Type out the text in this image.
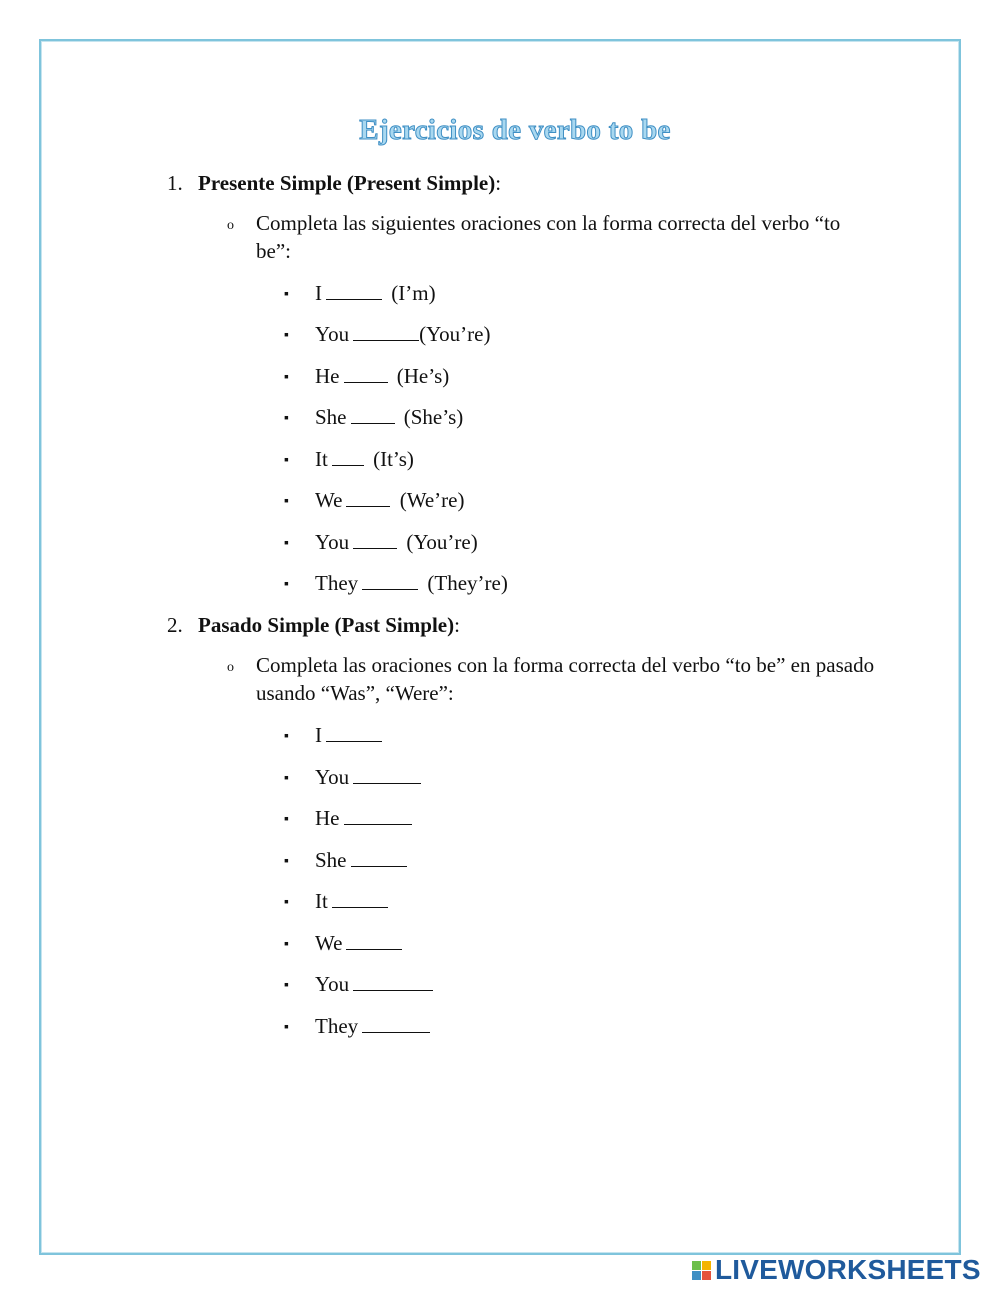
Ejercicios de verbo to be
1. Presente Simple (Present Simple):
o Completa las siguientes oraciones con la forma correcta del verbo “to be”:
▪ I	(I’m)
▪ You	(You’re)
▪ He	(He’s)
▪ She	(She’s)
▪ It (It’s)
▪ We	(We’re)
▪ You	(You’re)
▪ They	(They’re)
2. Pasado Simple (Past Simple):
o Completa las oraciones con la forma correcta del verbo “to be” en pasado usando “Was”, “Were”:
▪ I
▪ You
▪ He
▪ She
▪ It
▪ We
▪ You
▪ They
LIVEWORKSHEETS
